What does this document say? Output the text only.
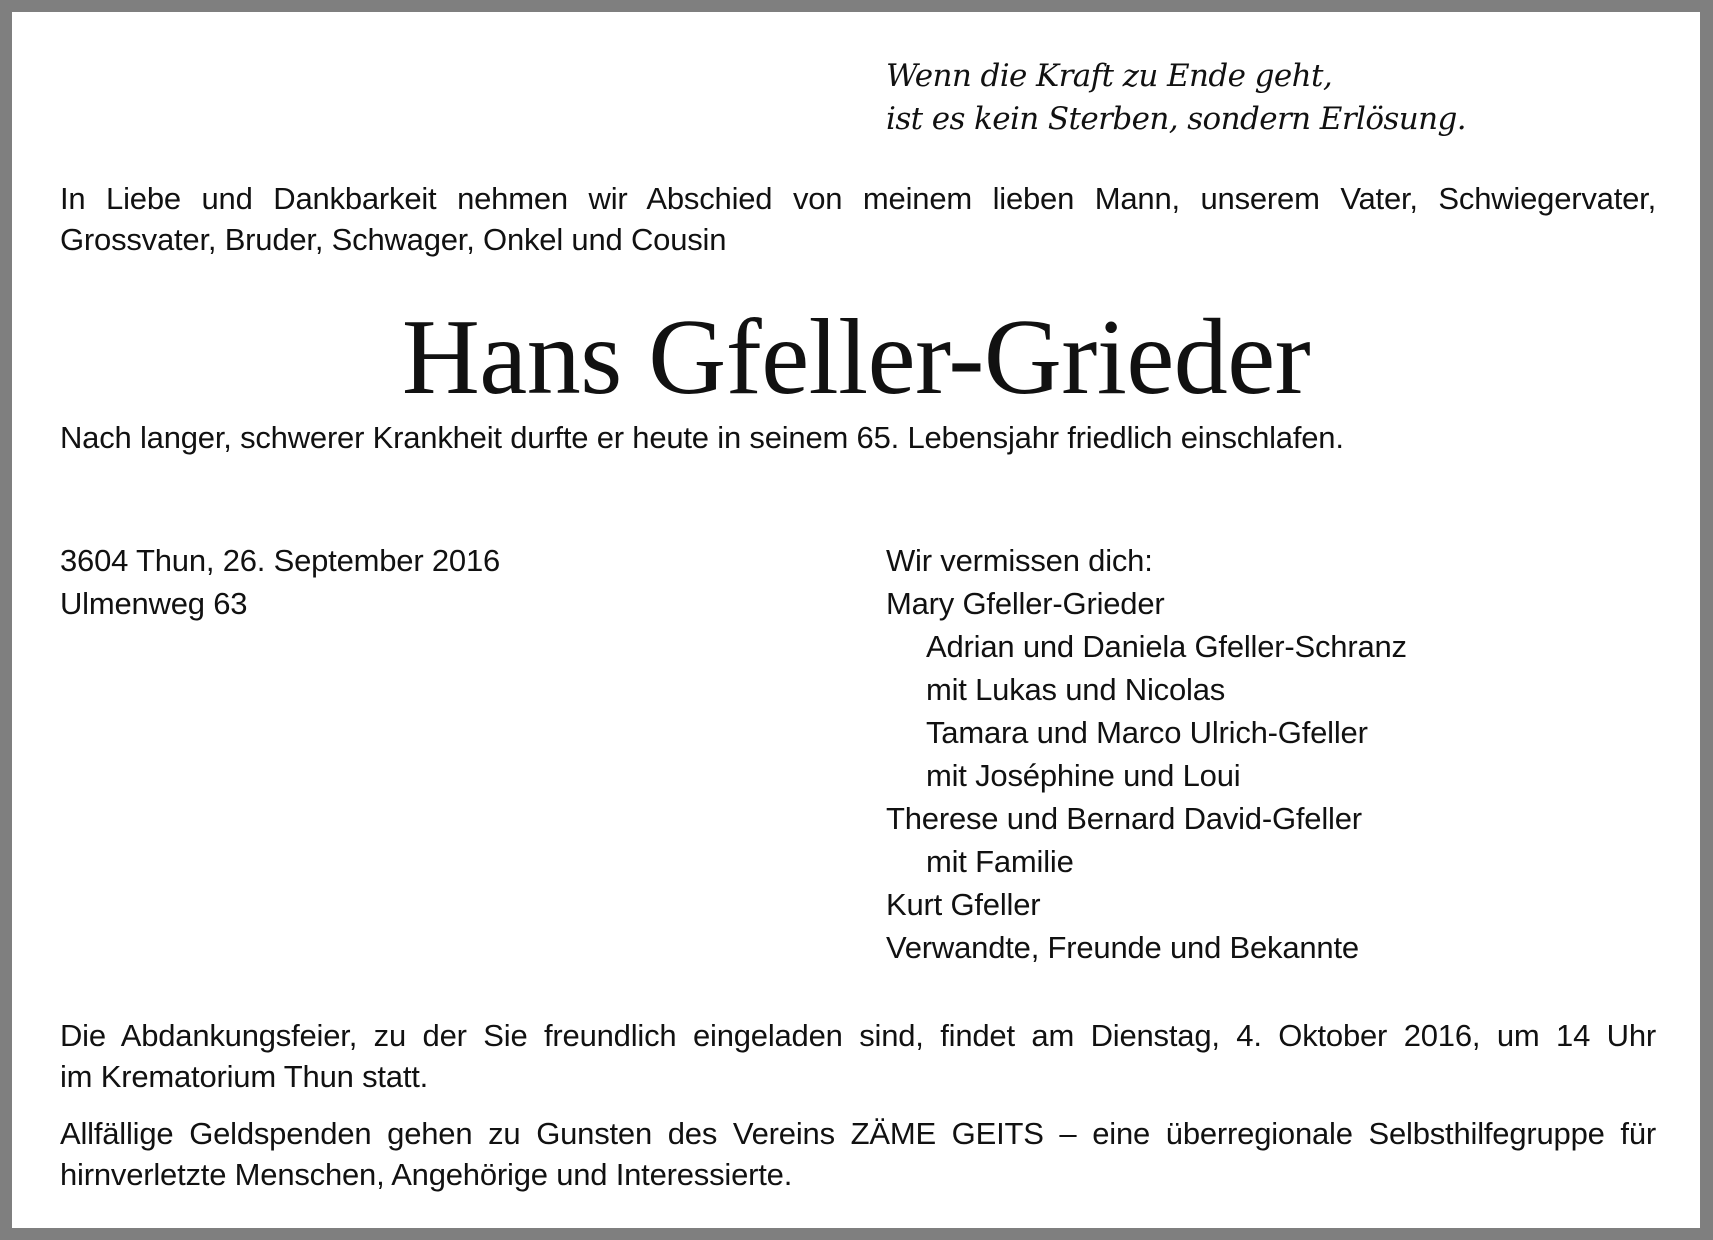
Wenn die Kraft zu Ende geht,
ist es kein Sterben, sondern Erlösung.
In Liebe und Dankbarkeit nehmen wir Abschied von meinem lieben Mann, unserem Vater, Schwiegervater,
Grossvater, Bruder, Schwager, Onkel und Cousin
Hans Gfeller-Grieder
Nach langer, schwerer Krankheit durfte er heute in seinem 65. Lebensjahr friedlich einschlafen.
3604 Thun, 26. September 2016
Ulmenweg 63
Wir vermissen dich:
Mary Gfeller-Grieder
Adrian und Daniela Gfeller-Schranz
mit Lukas und Nicolas
Tamara und Marco Ulrich-Gfeller
mit Joséphine und Loui
Therese und Bernard David-Gfeller
mit Familie
Kurt Gfeller
Verwandte, Freunde und Bekannte
Die Abdankungsfeier, zu der Sie freundlich eingeladen sind, findet am Dienstag, 4. Oktober 2016, um 14 Uhr
im Krematorium Thun statt.
Allfällige Geldspenden gehen zu Gunsten des Vereins ZÄME GEITS – eine überregionale Selbsthilfegruppe für
hirnverletzte Menschen, Angehörige und Interessierte.
